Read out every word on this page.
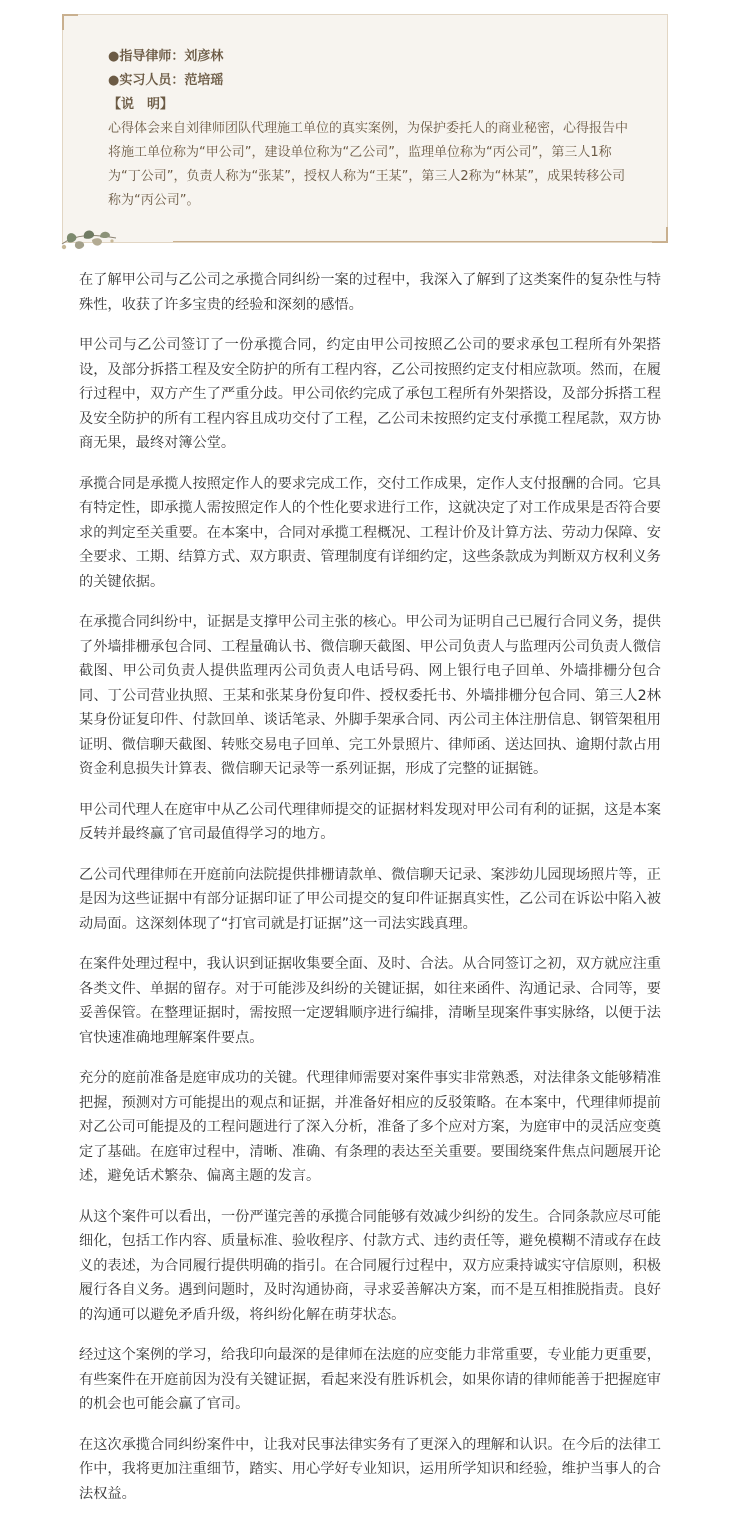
●指导律师：刘彦林
●实习人员：范培瑶
【说　明】
心得体会来自刘律师团队代理施工单位的真实案例，为保护委托人的商业秘密，心得报告中将施工单位称为“甲公司”，建设单位称为“乙公司”，监理单位称为“丙公司”，第三人1称为“丁公司”，负责人称为“张某”，授权人称为“王某”，第三人2称为“林某”，成果转移公司称为“丙公司”。

在了解甲公司与乙公司之承揽合同纠纷一案的过程中，我深入了解到了这类案件的复杂性与特殊性，收获了许多宝贵的经验和深刻的感悟。

甲公司与乙公司签订了一份承揽合同，约定由甲公司按照乙公司的要求承包工程所有外架搭设，及部分拆搭工程及安全防护的所有工程内容，乙公司按照约定支付相应款项。然而，在履行过程中，双方产生了严重分歧。甲公司依约完成了承包工程所有外架搭设，及部分拆搭工程及安全防护的所有工程内容且成功交付了工程，乙公司未按照约定支付承揽工程尾款，双方协商无果，最终对簿公堂。

承揽合同是承揽人按照定作人的要求完成工作，交付工作成果，定作人支付报酬的合同。它具有特定性，即承揽人需按照定作人的个性化要求进行工作，这就决定了对工作成果是否符合要求的判定至关重要。在本案中，合同对承揽工程概况、工程计价及计算方法、劳动力保障、安全要求、工期、结算方式、双方职责、管理制度有详细约定，这些条款成为判断双方权利义务的关键依据。

在承揽合同纠纷中，证据是支撑甲公司主张的核心。甲公司为证明自己已履行合同义务，提供了外墙排栅承包合同、工程量确认书、微信聊天截图、甲公司负责人与监理丙公司负责人微信截图、甲公司负责人提供监理丙公司负责人电话号码、网上银行电子回单、外墙排栅分包合同、丁公司营业执照、王某和张某身份复印件、授权委托书、外墙排栅分包合同、第三人2林某身份证复印件、付款回单、谈话笔录、外脚手架承合同、丙公司主体注册信息、钢管架租用证明、微信聊天截图、转账交易电子回单、完工外景照片、律师函、送达回执、逾期付款占用资金利息损失计算表、微信聊天记录等一系列证据，形成了完整的证据链。

甲公司代理人在庭审中从乙公司代理律师提交的证据材料发现对甲公司有利的证据，这是本案反转并最终赢了官司最值得学习的地方。

乙公司代理律师在开庭前向法院提供排栅请款单、微信聊天记录、案涉幼儿园现场照片等，正是因为这些证据中有部分证据印证了甲公司提交的复印件证据真实性，乙公司在诉讼中陷入被动局面。这深刻体现了“打官司就是打证据”这一司法实践真理。

在案件处理过程中，我认识到证据收集要全面、及时、合法。从合同签订之初，双方就应注重各类文件、单据的留存。对于可能涉及纠纷的关键证据，如往来函件、沟通记录、合同等，要妥善保管。在整理证据时，需按照一定逻辑顺序进行编排，清晰呈现案件事实脉络，以便于法官快速准确地理解案件要点。

充分的庭前准备是庭审成功的关键。代理律师需要对案件事实非常熟悉，对法律条文能够精准把握，预测对方可能提出的观点和证据，并准备好相应的反驳策略。在本案中，代理律师提前对乙公司可能提及的工程问题进行了深入分析，准备了多个应对方案，为庭审中的灵活应变奠定了基础。在庭审过程中，清晰、准确、有条理的表达至关重要。要围绕案件焦点问题展开论述，避免话术繁杂、偏离主题的发言。

从这个案件可以看出，一份严谨完善的承揽合同能够有效减少纠纷的发生。合同条款应尽可能细化，包括工作内容、质量标准、验收程序、付款方式、违约责任等，避免模糊不清或存在歧义的表述，为合同履行提供明确的指引。在合同履行过程中，双方应秉持诚实守信原则，积极履行各自义务。遇到问题时，及时沟通协商，寻求妥善解决方案，而不是互相推脱指责。良好的沟通可以避免矛盾升级，将纠纷化解在萌芽状态。

经过这个案例的学习，给我印向最深的是律师在法庭的应变能力非常重要，专业能力更重要，有些案件在开庭前因为没有关键证据，看起来没有胜诉机会，如果你请的律师能善于把握庭审的机会也可能会赢了官司。

在这次承揽合同纠纷案件中，让我对民事法律实务有了更深入的理解和认识。在今后的法律工作中，我将更加注重细节，踏实、用心学好专业知识，运用所学知识和经验，维护当事人的合法权益。
